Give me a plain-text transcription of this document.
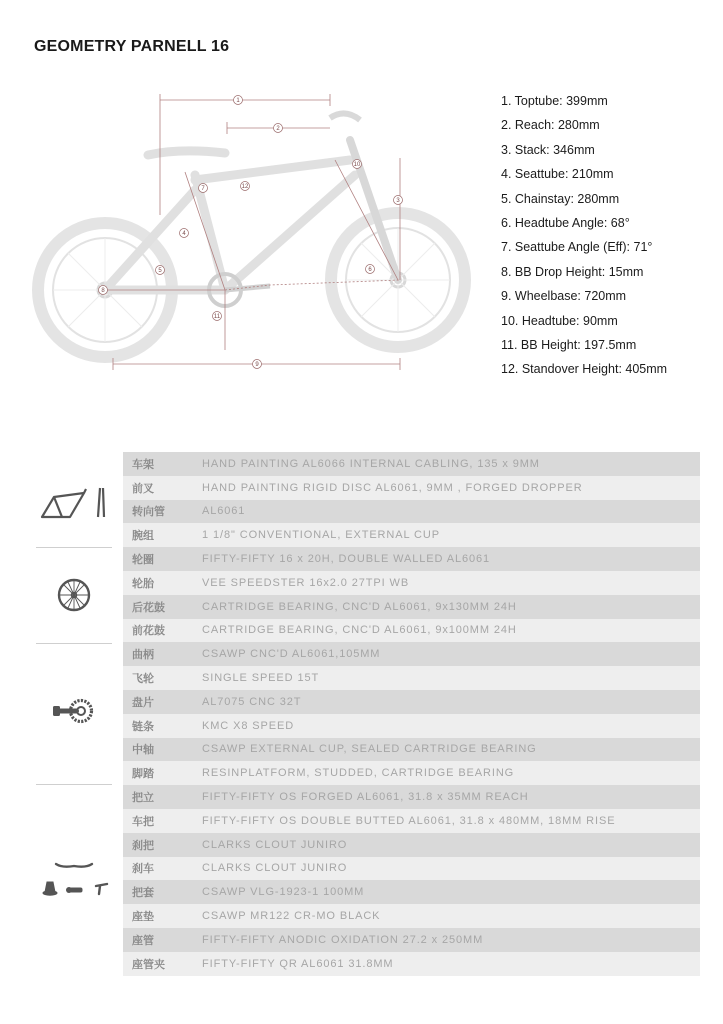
GEOMETRY PARNELL 16
1
2
3
4
5	6
7
8
9
10
11
12
1. Toptube: 399mm
2. Reach: 280mm
3. Stack: 346mm
4. Seattube: 210mm
5. Chainstay: 280mm
6. Headtube Angle: 68°
7. Seattube Angle (Eff): 71°
8. BB Drop Height: 15mm
9. Wheelbase: 720mm
10. Headtube: 90mm
11. BB Height: 197.5mm
12. Standover Height: 405mm
车架	HAND PAINTING AL6066 INTERNAL CABLING, 135 x 9MM
前叉	HAND PAINTING RIGID DISC AL6061, 9MM , FORGED DROPPER
转向管	AL6061
腕组	1 1/8" CONVENTIONAL, EXTERNAL CUP
轮圈	FIFTY-FIFTY 16 x 20H, DOUBLE WALLED AL6061
轮胎	VEE SPEEDSTER 16x2.0 27TPI WB
后花鼓	CARTRIDGE BEARING, CNC'D AL6061, 9x130MM 24H
前花鼓	CARTRIDGE BEARING, CNC'D AL6061, 9x100MM 24H
曲柄	CSAWP CNC'D AL6061,105MM
飞轮	SINGLE SPEED 15T
盘片	AL7075 CNC 32T
链条	KMC X8 SPEED
中轴	CSAWP EXTERNAL CUP, SEALED CARTRIDGE BEARING
脚踏	RESINPLATFORM, STUDDED, CARTRIDGE BEARING
把立	FIFTY-FIFTY OS FORGED AL6061, 31.8 x 35MM REACH
车把	FIFTY-FIFTY OS DOUBLE BUTTED AL6061, 31.8 x 480MM, 18MM RISE
刹把	CLARKS CLOUT JUNIRO
刹车	CLARKS CLOUT JUNIRO
把套	CSAWP VLG-1923-1 100MM
座垫	CSAWP MR122 CR-MO BLACK
座管	FIFTY-FIFTY ANODIC OXIDATION 27.2 x 250MM
座管夹	FIFTY-FIFTY QR AL6061 31.8MM
